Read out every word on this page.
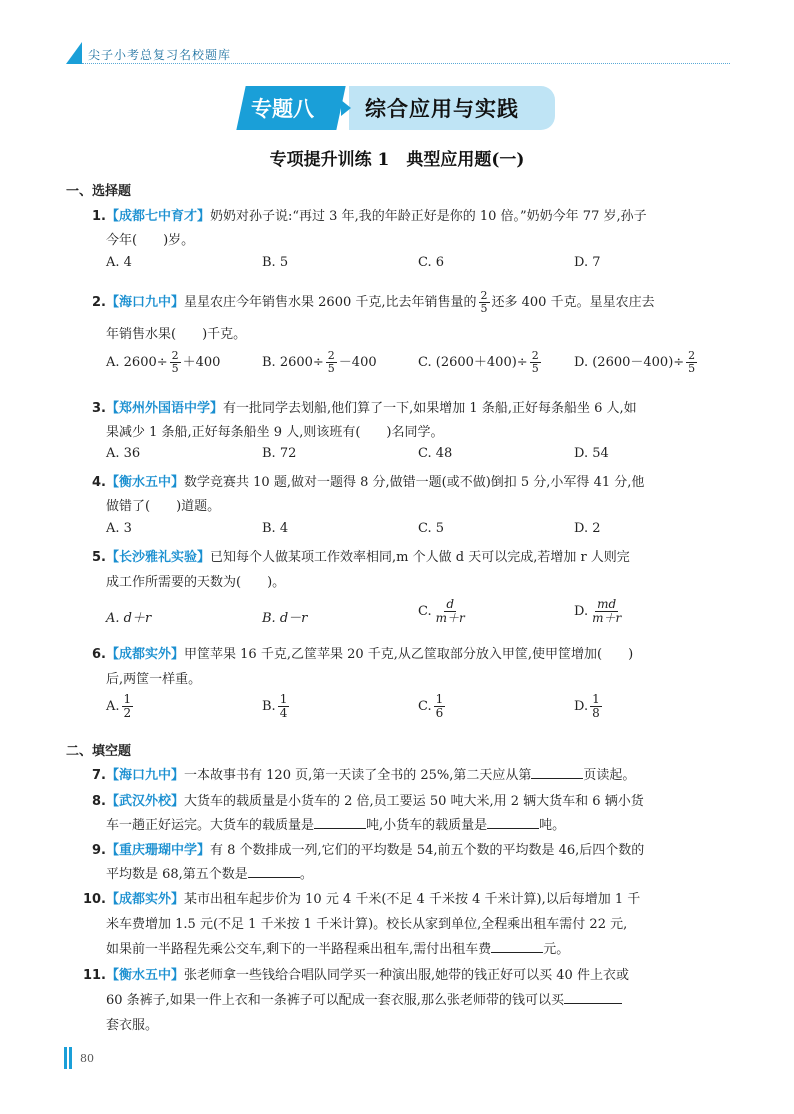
尖子小考总复习名校题库
专题八 综合应用与实践
专项提升训练 1　典型应用题(一)
一、选择题
1.【成都七中育才】奶奶对孙子说:“再过 3 年,我的年龄正好是你的 10 倍。”奶奶今年 77 岁,孙子
今年(　　)岁。
A. 4	B. 5	C. 6	D. 7
2.【海口九中】星星农庄今年销售水果 2600 千克,比去年销售量的 $\frac{2}{5}$ 还多 400 千克。星星农庄去
年销售水果(　　)千克。
A. $2600\div \frac{2}{5} +400$	B. $2600\div \frac{2}{5} -400$	C. $(2600+400)\div \frac{2}{5}$	D. $(2600-400)\div \frac{2}{5}$
3.【郑州外国语中学】有一批同学去划船,他们算了一下,如果增加 1 条船,正好每条船坐 6 人,如
果减少 1 条船,正好每条船坐 9 人,则该班有(　　)名同学。
A. 36	B. 72	C. 48	D. 54
4.【衡水五中】数学竞赛共 10 题,做对一题得 8 分,做错一题(或不做)倒扣 5 分,小军得 41 分,他
做错了(　　)道题。
A. 3	B. 4	C. 5	D. 2
5.【长沙雅礼实验】已知每个人做某项工作效率相同,m 个人做 d 天可以完成,若增加 r 人则完
成工作所需要的天数为(　　)。
A. d＋r	B. d－r	C. $\frac{d}{m+r}$	D. $\frac{md}{m+r}$
6.【成都实外】甲筐苹果 16 千克,乙筐苹果 20 千克,从乙筐取部分放入甲筐,使甲筐增加(　　)
后,两筐一样重。
A. $\frac{1}{2}$	B. $\frac{1}{4}$	C. $\frac{1}{6}$	D. $\frac{1}{8}$
二、填空题
7.【海口九中】一本故事书有 120 页,第一天读了全书的 25%,第二天应从第	页读起。
8.【武汉外校】大货车的载质量是小货车的 2 倍,员工要运 50 吨大米,用 2 辆大货车和 6 辆小货
车一趟正好运完。大货车的载质量是	吨,小货车的载质量是	吨。
9.【重庆珊瑚中学】有 8 个数排成一列,它们的平均数是 54,前五个数的平均数是 46,后四个数的
平均数是 68,第五个数是	。
10.【成都实外】某市出租车起步价为 10 元 4 千米(不足 4 千米按 4 千米计算),以后每增加 1 千
米车费增加 1.5 元(不足 1 千米按 1 千米计算)。校长从家到单位,全程乘出租车需付 22 元,
如果前一半路程先乘公交车,剩下的一半路程乘出租车,需付出租车费	元。
11.【衡水五中】张老师拿一些钱给合唱队同学买一种演出服,她带的钱正好可以买 40 件上衣或
60 条裤子,如果一件上衣和一条裤子可以配成一套衣服,那么张老师带的钱可以买
套衣服。
80
